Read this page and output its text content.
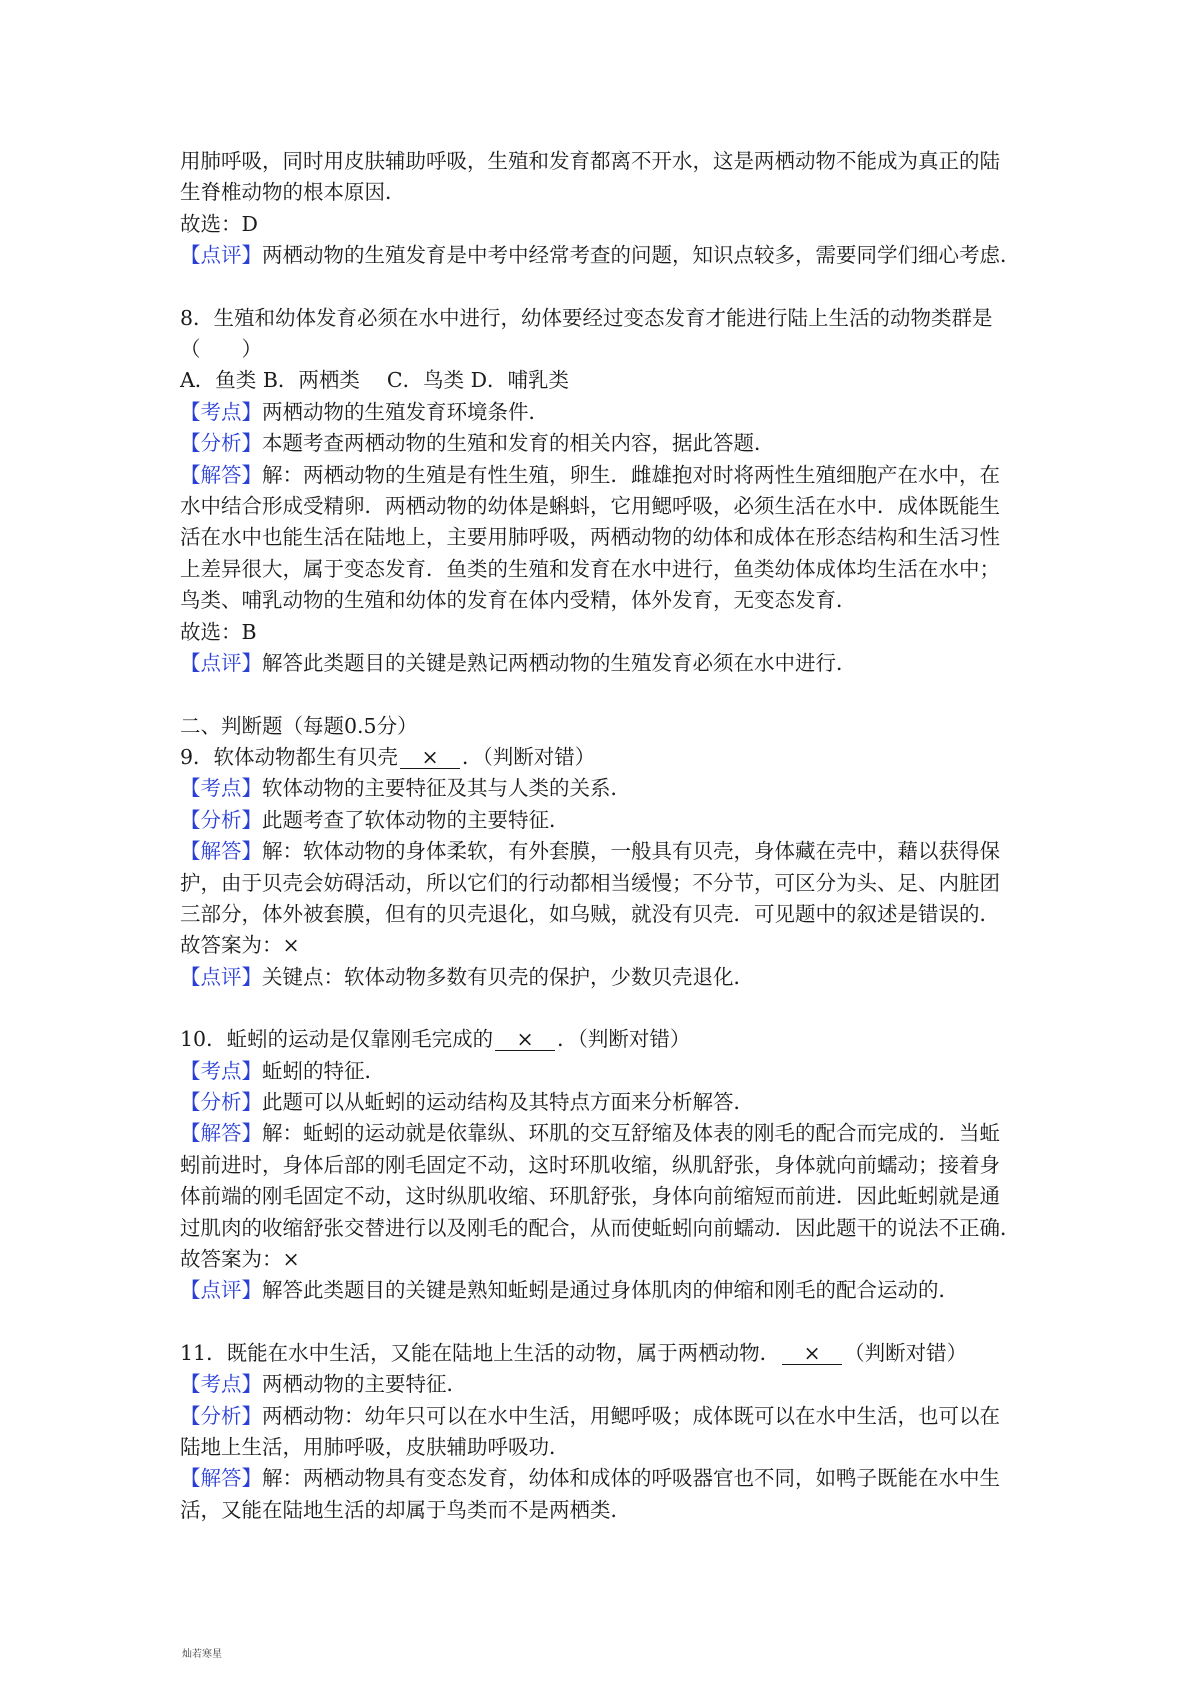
用肺呼吸，同时用皮肤辅助呼吸，生殖和发育都离不开水，这是两栖动物不能成为真正的陆
生脊椎动物的根本原因．
故选：D
【点评】两栖动物的生殖发育是中考中经常考查的问题，知识点较多，需要同学们细心考虑．
8．生殖和幼体发育必须在水中进行，幼体要经过变态发育才能进行陆上生活的动物类群是
（　　）
A．鱼类 B．两栖类　 C．鸟类 D．哺乳类
【考点】两栖动物的生殖发育环境条件．
【分析】本题考查两栖动物的生殖和发育的相关内容，据此答题．
【解答】解：两栖动物的生殖是有性生殖，卵生．雌雄抱对时将两性生殖细胞产在水中，在
水中结合形成受精卵．两栖动物的幼体是蝌蚪，它用鳃呼吸，必须生活在水中．成体既能生
活在水中也能生活在陆地上，主要用肺呼吸，两栖动物的幼体和成体在形态结构和生活习性
上差异很大，属于变态发育．鱼类的生殖和发育在水中进行，鱼类幼体成体均生活在水中；
鸟类、哺乳动物的生殖和幼体的发育在体内受精，体外发育，无变态发育．
故选：B
【点评】解答此类题目的关键是熟记两栖动物的生殖发育必须在水中进行．
二、判断题（每题0.5分）
9．软体动物都生有贝壳 × ．（判断对错）
【考点】软体动物的主要特征及其与人类的关系．
【分析】此题考查了软体动物的主要特征．
【解答】解：软体动物的身体柔软，有外套膜，一般具有贝壳，身体藏在壳中，藉以获得保
护，由于贝壳会妨碍活动，所以它们的行动都相当缓慢；不分节，可区分为头、足、内脏团
三部分，体外被套膜，但有的贝壳退化，如乌贼，就没有贝壳．可见题中的叙述是错误的．
故答案为：×
【点评】关键点：软体动物多数有贝壳的保护，少数贝壳退化．
10．蚯蚓的运动是仅靠刚毛完成的 × ．（判断对错）
【考点】蚯蚓的特征．
【分析】此题可以从蚯蚓的运动结构及其特点方面来分析解答．
【解答】解：蚯蚓的运动就是依靠纵、环肌的交互舒缩及体表的刚毛的配合而完成的．当蚯
蚓前进时，身体后部的刚毛固定不动，这时环肌收缩，纵肌舒张，身体就向前蠕动；接着身
体前端的刚毛固定不动，这时纵肌收缩、环肌舒张，身体向前缩短而前进．因此蚯蚓就是通
过肌肉的收缩舒张交替进行以及刚毛的配合，从而使蚯蚓向前蠕动．因此题干的说法不正确．
故答案为：×
【点评】解答此类题目的关键是熟知蚯蚓是通过身体肌肉的伸缩和刚毛的配合运动的．
11．既能在水中生活，又能在陆地上生活的动物，属于两栖动物． × （判断对错）
【考点】两栖动物的主要特征．
【分析】两栖动物：幼年只可以在水中生活，用鳃呼吸；成体既可以在水中生活，也可以在
陆地上生活，用肺呼吸，皮肤辅助呼吸功．
【解答】解：两栖动物具有变态发育，幼体和成体的呼吸器官也不同，如鸭子既能在水中生
活，又能在陆地生活的却属于鸟类而不是两栖类．
灿若寒星
